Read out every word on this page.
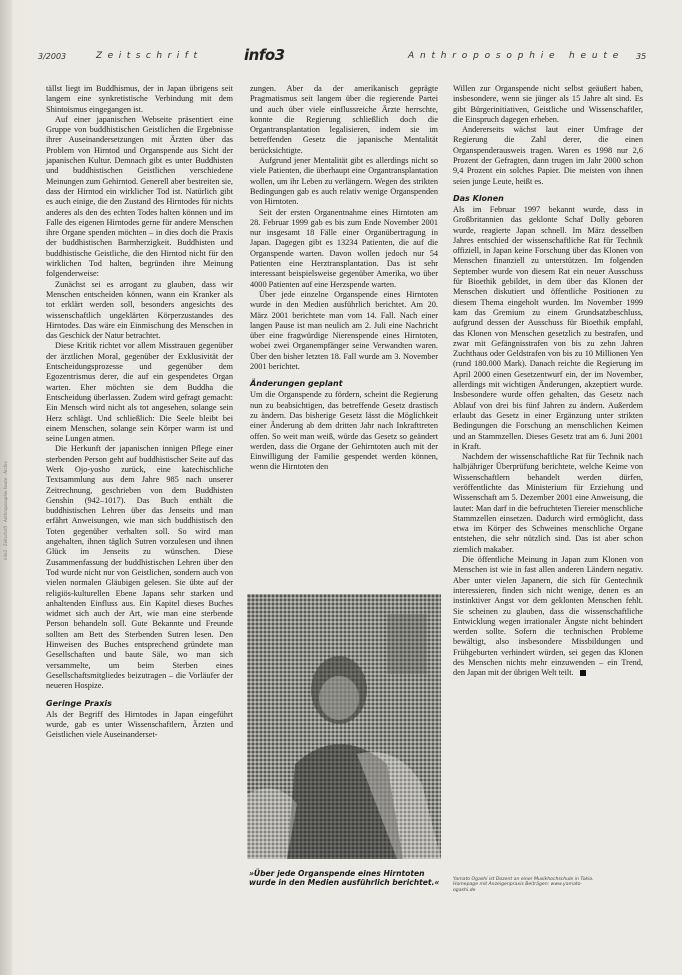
info3 · Zeitschrift · Anthroposophie heute · Archiv
3/2003	Zeitschrift	info3	Anthroposophie heute 35

tällst liegt im Buddhismus, der in Japan übrigens seit langem eine synkretistische Verbindung mit dem Shintoismus eingegangen ist.

Auf einer japanischen Webseite präsentiert eine Gruppe von buddhistischen Geistlichen die Ergebnisse ihrer Auseinandersetzungen mit Ärzten über das Problem von Hirntod und Organspende aus Sicht der japanischen Kultur. Demnach gibt es unter Buddhisten und buddhistischen Geistlichen verschiedene Meinungen zum Gehirntod. Generell aber bestreiten sie, dass der Hirntod ein wirklicher Tod ist. Natürlich gibt es auch einige, die den Zustand des Hirntodes für nichts anderes als den des echten Todes halten können und im Falle des eigenen Hirntodes gerne für andere Menschen ihre Organe spenden möchten – in dies doch die Praxis der buddhistischen Barmherzigkeit. Buddhisten und buddhistische Geistliche, die den Hirntod nicht für den wirklichen Tod halten, begründen ihre Meinung folgenderweise:

Zunächst sei es arrogant zu glauben, dass wir Menschen entscheiden können, wann ein Kranker als tot erklärt werden soll, besonders angesichts des wissenschaftlich ungeklärten Körperzustandes des Hirntodes. Das wäre ein Einmischung des Menschen in das Geschick der Natur betrachtet.

Diese Kritik richtet vor allem Misstrauen gegenüber der ärztlichen Moral, gegenüber der Exklusivität der Entscheidungsprozesse und gegenüber dem Egozentrismus derer, die auf ein gespendetes Organ warten. Eher möchten sie dem Buddha die Entscheidung überlassen. Zudem wird gefragt gemacht: Ein Mensch wird nicht als tot angesehen, solange sein Herz schlägt. Und schließlich: Die Seele bleibt bei einem Menschen, solange sein Körper warm ist und seine Lungen atmen.

Die Herkunft der japanischen innigen Pflege einer sterbenden Person geht auf buddhistischer Seite auf das Werk Ojo-yosho zurück, eine katechischliche Textsammlung aus dem Jahre 985 nach unserer Zeitrechnung, geschrieben von dem Buddhisten Genshin (942–1017). Das Buch enthält die buddhistischen Lehren über das Jenseits und man erfährt Anweisungen, wie man sich buddhistisch den Toten gegenüber verhalten soll. So wird man angehalten, ihnen täglich Sutren vorzulesen und ihnen Glück im Jenseits zu wünschen. Diese Zusammenfassung der buddhistischen Lehren über den Tod wurde nicht nur von Geistlichen, sondern auch von vielen normalen Gläubigen gelesen. Sie übte auf der religiös-kulturellen Ebene Japans sehr starken und anhaltenden Einfluss aus. Ein Kapitel dieses Buches widmet sich auch der Art, wie man eine sterbende Person behandeln soll. Gute Bekannte und Freunde sollten am Bett des Sterbenden Sutren lesen. Den Hinweisen des Buches entsprechend gründete man Gesellschaften und baute Säle, wo man sich versammelte, um beim Sterben eines Gesellschaftsmitgliedes beizutragen – die Vorläufer der neueren Hospize.

Geringe Praxis

Als der Begriff des Hirntodes in Japan eingeführt wurde, gab es unter Wissenschaftlern, Ärzten und Geistlichen viele Auseinanderset-

zungen. Aber da der amerikanisch geprägte Pragmatismus seit langem über die regierende Partei und auch über viele einflussreiche Ärzte herrschte, konnte die Regierung schließlich doch die Organtransplantation legalisieren, indem sie im betreffenden Gesetz die japanische Mentalität berücksichtigte.

Aufgrund jener Mentalität gibt es allerdings nicht so viele Patienten, die überhaupt eine Organtransplantation wollen, um ihr Leben zu verlängern. Wegen des strikten Bedingungen gab es auch relativ wenige Organspenden von Hirntoten.

Seit der ersten Organentnahme eines Hirntoten am 28. Februar 1999 gab es bis zum Ende November 2001 nur insgesamt 18 Fälle einer Organübertragung in Japan. Dagegen gibt es 13234 Patienten, die auf die Organspende warten. Davon wollen jedoch nur 54 Patienten eine Herztransplantation. Das ist sehr interessant beispielsweise gegenüber Amerika, wo über 4000 Patienten auf eine Herzspende warten.

Über jede einzelne Organspende eines Hirntoten wurde in den Medien ausführlich berichtet. Am 20. März 2001 berichtete man vom 14. Fall. Nach einer langen Pause ist man neulich am 2. Juli eine Nachricht über eine fragwürdige Nierenspende eines Hirntoten, wobei zwei Organempfänger seine Verwandten waren. Über den bisher letzten 18. Fall wurde am 3. November 2001 berichtet.

Änderungen geplant

Um die Organspende zu fördern, scheint die Regierung nun zu beabsichtigen, das betreffende Gesetz drastisch zu ändern. Das bisherige Gesetz lässt die Möglichkeit einer Änderung ab dem dritten Jahr nach Inkrafttreten offen. So weit man weiß, würde das Gesetz so geändert werden, dass die Organe der Gehirntoten auch mit der Einwilligung der Familie gespendet werden können, wenn die Hirntoten den

Willen zur Organspende nicht selbst geäußert haben, insbesondere, wenn sie jünger als 15 Jahre alt sind. Es gibt Bürgerinitiativen, Geistliche und Wissenschaftler, die Einspruch dagegen erheben.

Andererseits wächst laut einer Umfrage der Regierung die Zahl derer, die einen Organspenderausweis tragen. Waren es 1998 nur 2,6 Prozent der Gefragten, dann trugen im Jahr 2000 schon 9,4 Prozent ein solches Papier. Die meisten von ihnen seien junge Leute, heißt es.

Das Klonen

Als im Februar 1997 bekannt wurde, dass in Großbritannien das geklonte Schaf Dolly geboren wurde, reagierte Japan schnell. Im März desselben Jahres entschied der wissenschaftliche Rat für Technik offiziell, in Japan keine Forschung über das Klonen von Menschen finanziell zu unterstützen. Im folgenden September wurde von diesem Rat ein neuer Ausschuss für Bioethik gebildet, in dem über das Klonen der Menschen diskutiert und öffentliche Positionen zu diesem Thema eingeholt wurden. Im November 1999 kam das Gremium zu einem Grundsatzbeschluss, aufgrund dessen der Ausschuss für Bioethik empfahl, das Klonen von Menschen gesetzlich zu bestrafen, und zwar mit Gefängnisstrafen von bis zu zehn Jahren Zuchthaus oder Geldstrafen von bis zu 10 Millionen Yen (rund 180.000 Mark). Danach reichte die Regierung im April 2000 einen Gesetzentwurf ein, der im November, allerdings mit wichtigen Änderungen, akzeptiert wurde. Insbesondere wurde offen gehalten, das Gesetz nach Ablauf von drei bis fünf Jahren zu ändern. Außerdem erlaubt das Gesetz in einer Ergänzung unter strikten Bedingungen die Forschung an menschlichen Keimen und an Stammzellen. Dieses Gesetz trat am 6. Juni 2001 in Kraft.

Nachdem der wissenschaftliche Rat für Technik nach halbjähriger Überprüfung berichtete, welche Keime von Wissenschaftlern behandelt werden dürfen, veröffentlichte das Ministerium für Erziehung und Wissenschaft am 5. Dezember 2001 eine Anweisung, die lautet: Man darf in die befruchteten Tiereier menschliche Stammzellen einsetzen. Dadurch wird ermöglicht, dass etwa im Körper des Schweines menschliche Organe entstehen, die sehr nützlich sind. Das ist aber schon ziemlich makaber.

Die öffentliche Meinung in Japan zum Klonen von Menschen ist wie in fast allen anderen Ländern negativ. Aber unter vielen Japanern, die sich für Gentechnik interessieren, finden sich nicht wenige, denen es an instinktiver Angst vor dem geklonten Menschen fehlt. Sie scheinen zu glauben, dass die wissenschaftliche Entwicklung wegen irrationaler Ängste nicht behindert werden sollte. Sofern die technischen Probleme bewältigt, also insbesondere Missbildungen und Frühgeburten verhindert würden, sei gegen das Klonen des Menschen nichts mehr einzuwenden – ein Trend, den Japan mit der übrigen Welt teilt.

»Über jede Organspende eines Hirntoten wurde in den Medien ausführlich berichtet.«	Yamato Ogashi ist Dozent an einer Musikhochschule in Tokio. Homepage mit Anzeigenpraxis Beiträgen: www.yamato-ogashi.de
